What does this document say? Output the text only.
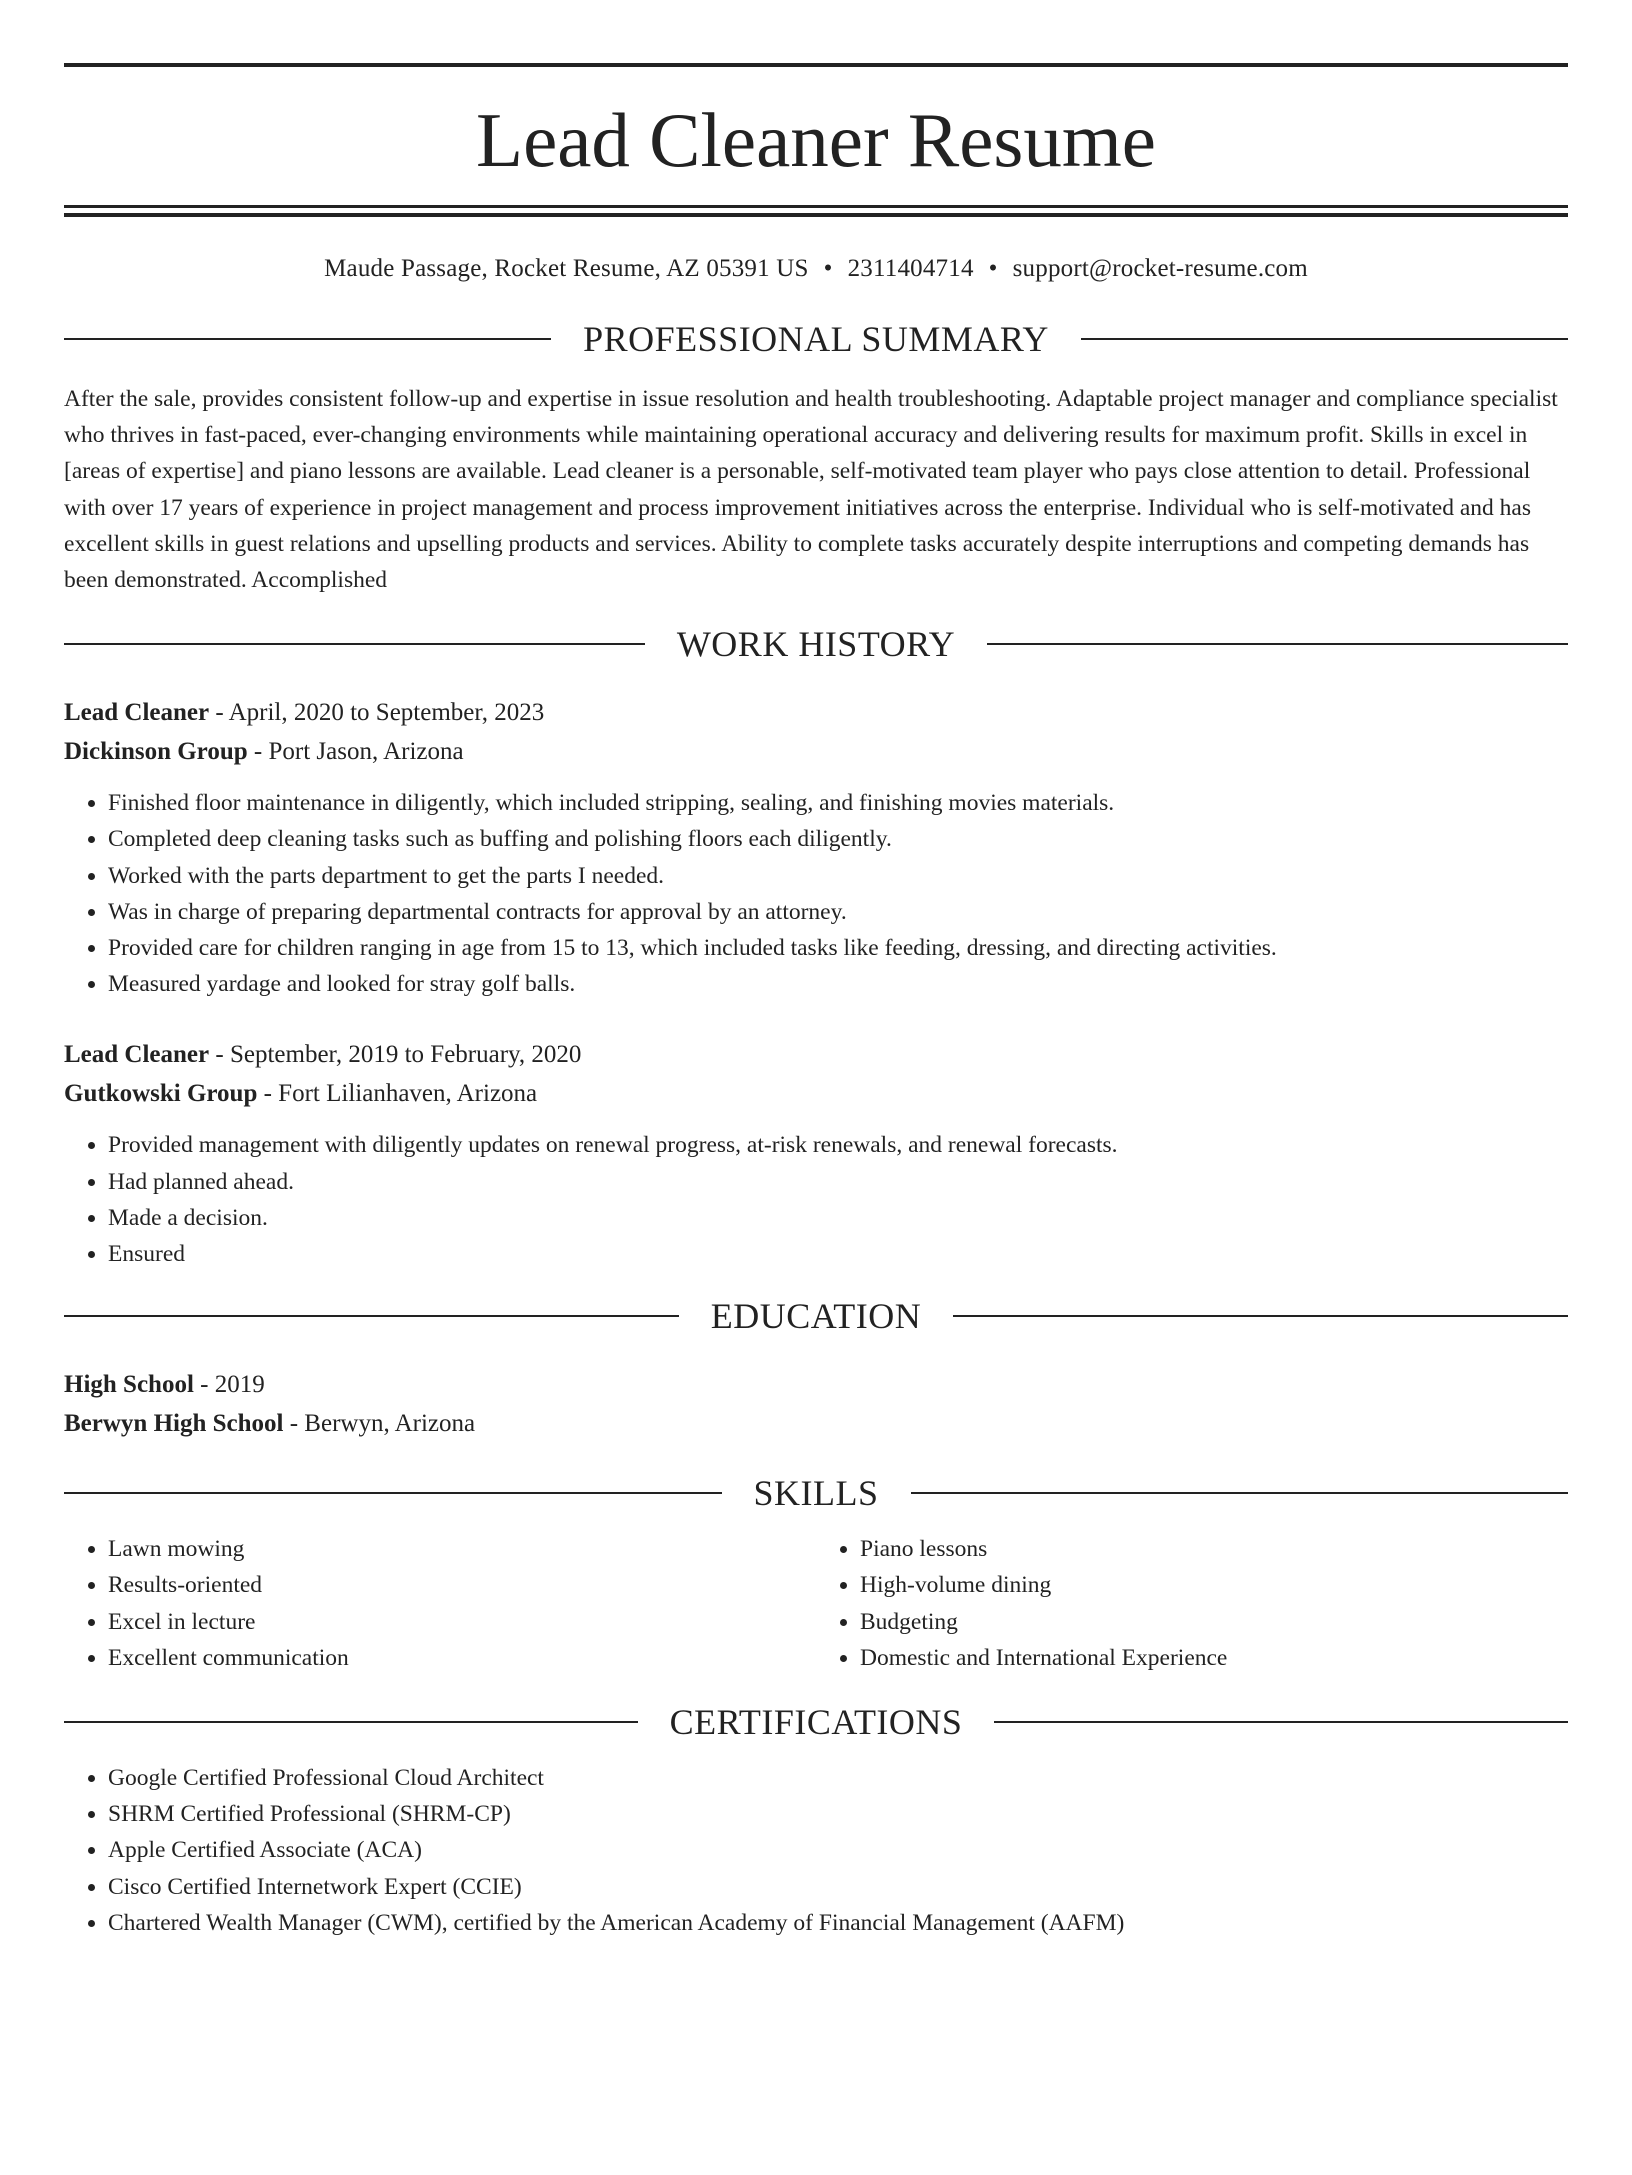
Lead Cleaner Resume
Maude Passage, Rocket Resume, AZ 05391 US • 2311404714 • support@rocket-resume.com
PROFESSIONAL SUMMARY
After the sale, provides consistent follow-up and expertise in issue resolution and health troubleshooting. Adaptable project manager and compliance specialist who thrives in fast-paced, ever-changing environments while maintaining operational accuracy and delivering results for maximum profit. Skills in excel in [areas of expertise] and piano lessons are available. Lead cleaner is a personable, self-motivated team player who pays close attention to detail. Professional with over 17 years of experience in project management and process improvement initiatives across the enterprise. Individual who is self-motivated and has excellent skills in guest relations and upselling products and services. Ability to complete tasks accurately despite interruptions and competing demands has been demonstrated. Accomplished
WORK HISTORY
Lead Cleaner - April, 2020 to September, 2023
Dickinson Group - Port Jason, Arizona
• Finished floor maintenance in diligently, which included stripping, sealing, and finishing movies materials.
• Completed deep cleaning tasks such as buffing and polishing floors each diligently.
• Worked with the parts department to get the parts I needed.
• Was in charge of preparing departmental contracts for approval by an attorney.
• Provided care for children ranging in age from 15 to 13, which included tasks like feeding, dressing, and directing activities.
• Measured yardage and looked for stray golf balls.
Lead Cleaner - September, 2019 to February, 2020
Gutkowski Group - Fort Lilianhaven, Arizona
• Provided management with diligently updates on renewal progress, at-risk renewals, and renewal forecasts.
• Had planned ahead.
• Made a decision.
• Ensured
EDUCATION
High School - 2019
Berwyn High School - Berwyn, Arizona
SKILLS
• Lawn mowing
• Results-oriented
• Excel in lecture
• Excellent communication
• Piano lessons
• High-volume dining
• Budgeting
• Domestic and International Experience
CERTIFICATIONS
• Google Certified Professional Cloud Architect
• SHRM Certified Professional (SHRM-CP)
• Apple Certified Associate (ACA)
• Cisco Certified Internetwork Expert (CCIE)
• Chartered Wealth Manager (CWM), certified by the American Academy of Financial Management (AAFM)
